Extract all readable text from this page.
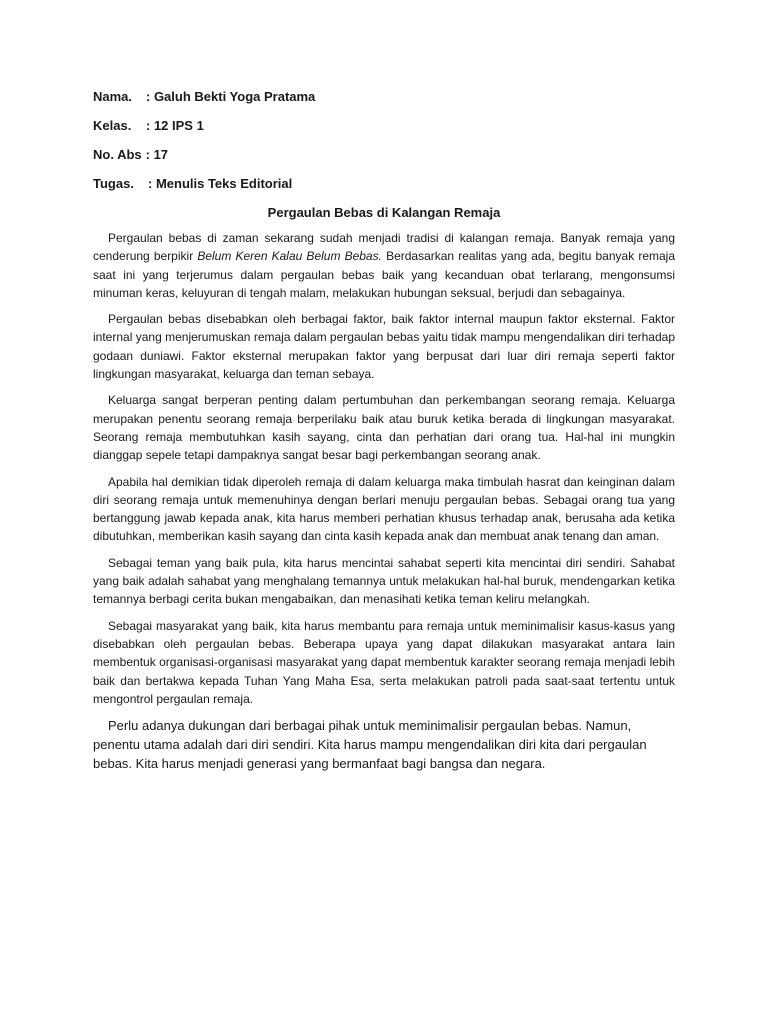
Nama.	: Galuh Bekti Yoga Pratama
Kelas.	: 12 IPS 1
No. Abs : 17
Tugas.	: Menulis Teks Editorial
Pergaulan Bebas di Kalangan Remaja

Pergaulan bebas di zaman sekarang sudah menjadi tradisi di kalangan remaja. Banyak remaja yang cenderung berpikir Belum Keren Kalau Belum Bebas. Berdasarkan realitas yang ada, begitu banyak remaja saat ini yang terjerumus dalam pergaulan bebas baik yang kecanduan obat terlarang, mengonsumsi minuman keras, keluyuran di tengah malam, melakukan hubungan seksual, berjudi dan sebagainya.

Pergaulan bebas disebabkan oleh berbagai faktor, baik faktor internal maupun faktor eksternal. Faktor internal yang menjerumuskan remaja dalam pergaulan bebas yaitu tidak mampu mengendalikan diri terhadap godaan duniawi. Faktor eksternal merupakan faktor yang berpusat dari luar diri remaja seperti faktor lingkungan masyarakat, keluarga dan teman sebaya.

Keluarga sangat berperan penting dalam pertumbuhan dan perkembangan seorang remaja. Keluarga merupakan penentu seorang remaja berperilaku baik atau buruk ketika berada di lingkungan masyarakat. Seorang remaja membutuhkan kasih sayang, cinta dan perhatian dari orang tua. Hal-hal ini mungkin dianggap sepele tetapi dampaknya sangat besar bagi perkembangan seorang anak.

Apabila hal demikian tidak diperoleh remaja di dalam keluarga maka timbulah hasrat dan keinginan dalam diri seorang remaja untuk memenuhinya dengan berlari menuju pergaulan bebas. Sebagai orang tua yang bertanggung jawab kepada anak, kita harus memberi perhatian khusus terhadap anak, berusaha ada ketika dibutuhkan, memberikan kasih sayang dan cinta kasih kepada anak dan membuat anak tenang dan aman.

Sebagai teman yang baik pula, kita harus mencintai sahabat seperti kita mencintai diri sendiri. Sahabat yang baik adalah sahabat yang menghalang temannya untuk melakukan hal-hal buruk, mendengarkan ketika temannya berbagi cerita bukan mengabaikan, dan menasihati ketika teman keliru melangkah.

Sebagai masyarakat yang baik, kita harus membantu para remaja untuk meminimalisir kasus-kasus yang disebabkan oleh pergaulan bebas. Beberapa upaya yang dapat dilakukan masyarakat antara lain membentuk organisasi-organisasi masyarakat yang dapat membentuk karakter seorang remaja menjadi lebih baik dan bertakwa kepada Tuhan Yang Maha Esa, serta melakukan patroli pada saat-saat tertentu untuk mengontrol pergaulan remaja.

Perlu adanya dukungan dari berbagai pihak untuk meminimalisir pergaulan bebas. Namun, penentu utama adalah dari diri sendiri. Kita harus mampu mengendalikan diri kita dari pergaulan bebas. Kita harus menjadi generasi yang bermanfaat bagi bangsa dan negara.
